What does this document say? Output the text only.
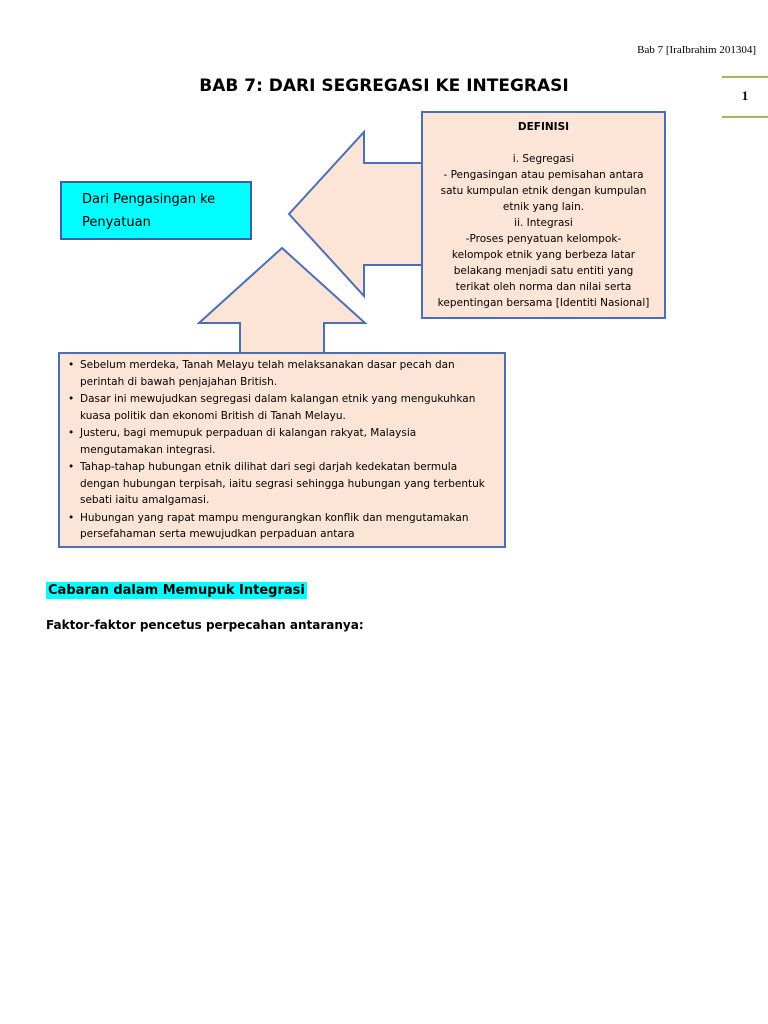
Bab 7 [IraIbrahim 201304]
1
BAB 7: DARI SEGREGASI KE INTEGRASI
DEFINISI

i. Segregasi

- Pengasingan atau pemisahan antara

satu kumpulan etnik dengan kumpulan

etnik yang lain.

ii. Integrasi

-Proses penyatuan kelompok-

kelompok etnik yang berbeza latar

belakang menjadi satu entiti yang

terikat oleh norma dan nilai serta

kepentingan bersama [Identiti Nasional]

Dari Pengasingan ke
Penyatuan
• Sebelum merdeka, Tanah Melayu telah melaksanakan dasar pecah dan perintah di bawah penjajahan British.
• Dasar ini mewujudkan segregasi dalam kalangan etnik yang mengukuhkan kuasa politik dan ekonomi British di Tanah Melayu.
• Justeru, bagi memupuk perpaduan di kalangan rakyat, Malaysia mengutamakan integrasi.
• Tahap-tahap hubungan etnik dilihat dari segi darjah kedekatan bermula dengan hubungan terpisah, iaitu segrasi sehingga hubungan yang terbentuk sebati iaitu amalgamasi.
• Hubungan yang rapat mampu mengurangkan konflik dan mengutamakan persefahaman serta mewujudkan perpaduan antara
Cabaran dalam Memupuk Integrasi
Faktor-faktor pencetus perpecahan antaranya:
